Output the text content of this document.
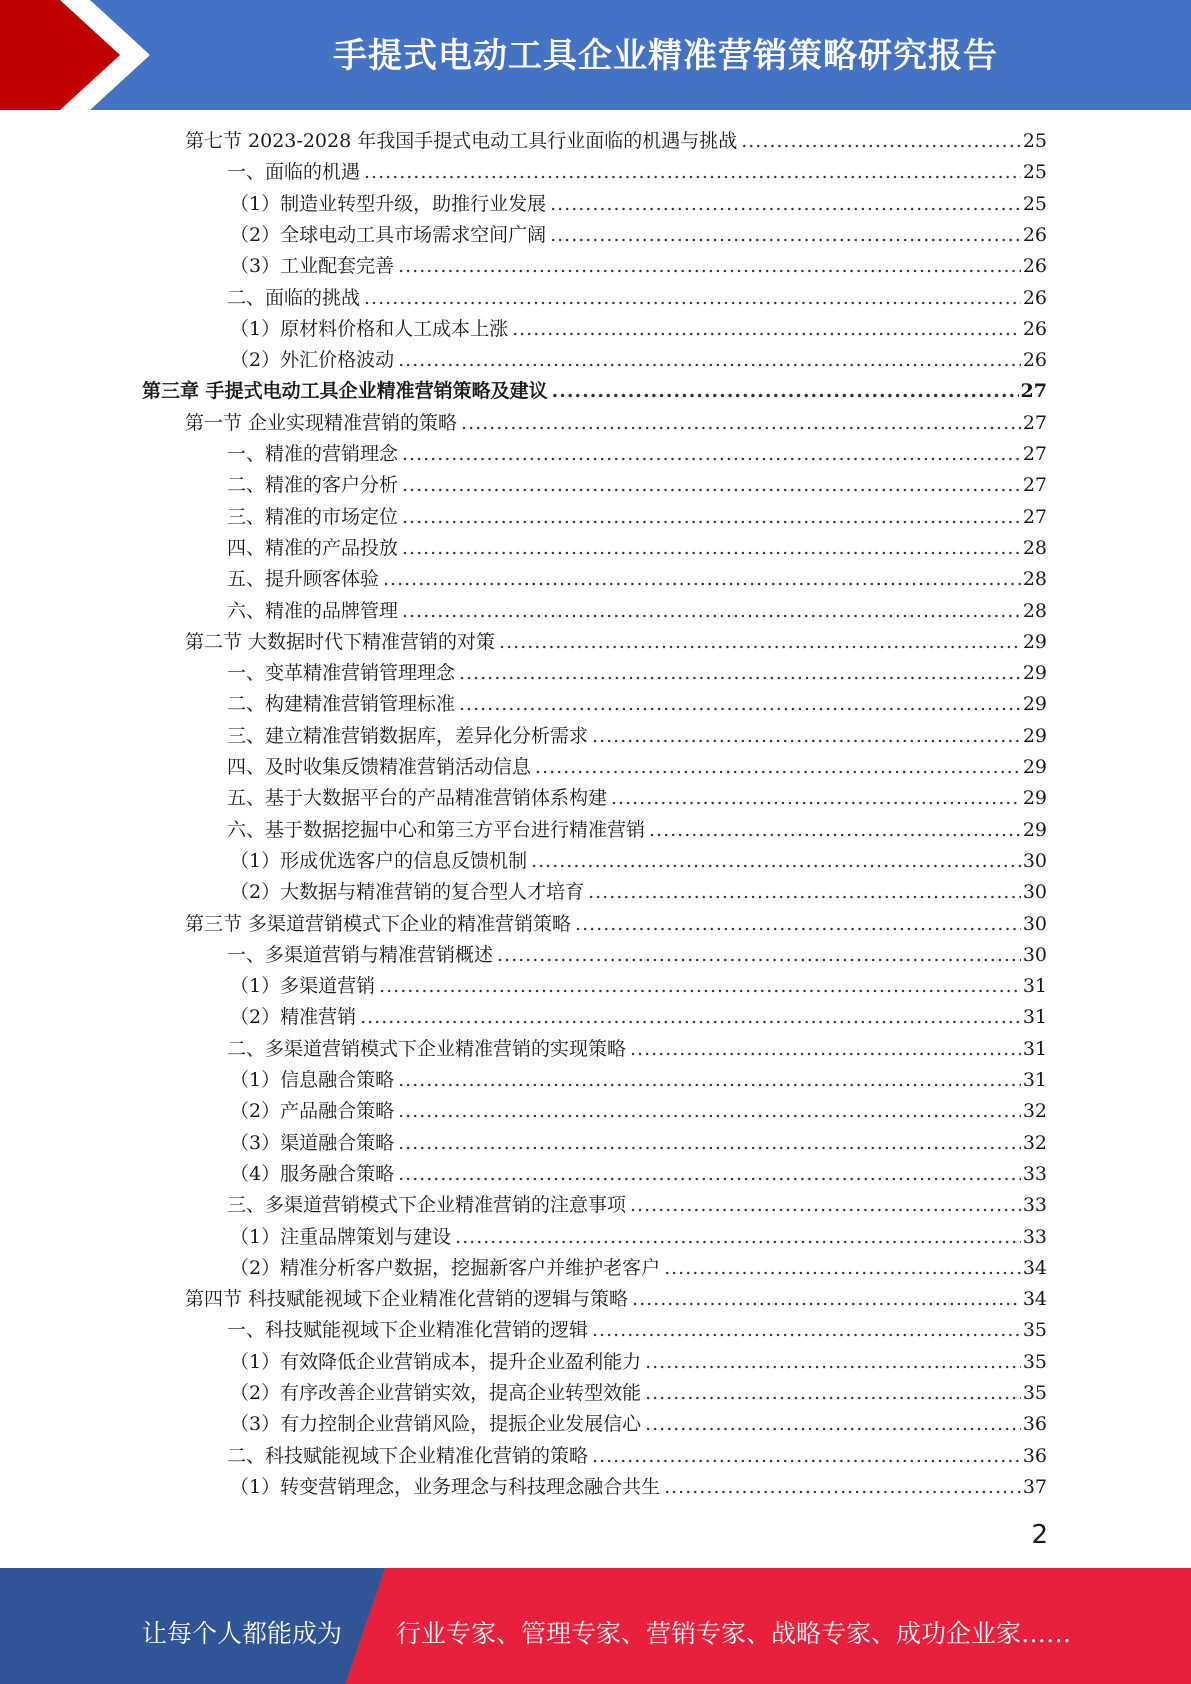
手提式电动工具企业精准营销策略研究报告
第七节 2023-2028 年我国手提式电动工具行业面临的机遇与挑战 .....	25
一、面临的机遇 .....	25
（1）制造业转型升级，助推行业发展 .....	25
（2）全球电动工具市场需求空间广阔 .....	26
（3）工业配套完善 .....	26
二、面临的挑战 .....	26
（1）原材料价格和人工成本上涨 .....	26
（2）外汇价格波动 .....	26
第三章 手提式电动工具企业精准营销策略及建议 .....	27
第一节 企业实现精准营销的策略 .....	27
一、精准的营销理念 .....	27
二、精准的客户分析 .....	27
三、精准的市场定位 .....	27
四、精准的产品投放 .....	28
五、提升顾客体验 .....	28
六、精准的品牌管理 .....	28
第二节 大数据时代下精准营销的对策 .....	29
一、变革精准营销管理理念 .....	29
二、构建精准营销管理标准 .....	29
三、建立精准营销数据库，差异化分析需求 .....	29
四、及时收集反馈精准营销活动信息 .....	29
五、基于大数据平台的产品精准营销体系构建 .....	29
六、基于数据挖掘中心和第三方平台进行精准营销 .....	29
（1）形成优选客户的信息反馈机制 .....	30
（2）大数据与精准营销的复合型人才培育 .....	30
第三节 多渠道营销模式下企业的精准营销策略 .....	30
一、多渠道营销与精准营销概述 .....	30
（1）多渠道营销 .....	31
（2）精准营销 .....	31
二、多渠道营销模式下企业精准营销的实现策略 .....	31
（1）信息融合策略 .....	31
（2）产品融合策略 .....	32
（3）渠道融合策略 .....	32
（4）服务融合策略 .....	33
三、多渠道营销模式下企业精准营销的注意事项 .....	33
（1）注重品牌策划与建设 .....	33
（2）精准分析客户数据，挖掘新客户并维护老客户 .....	34
第四节 科技赋能视域下企业精准化营销的逻辑与策略 .....	34
一、科技赋能视域下企业精准化营销的逻辑 .....	35
（1）有效降低企业营销成本，提升企业盈利能力 .....	35
（2）有序改善企业营销实效，提高企业转型效能 .....	35
（3）有力控制企业营销风险，提振企业发展信心 .....	36
二、科技赋能视域下企业精准化营销的策略 .....	36
（1）转变营销理念，业务理念与科技理念融合共生 .....	37
2
让每个人都能成为 行业专家、管理专家、营销专家、战略专家、成功企业家……
